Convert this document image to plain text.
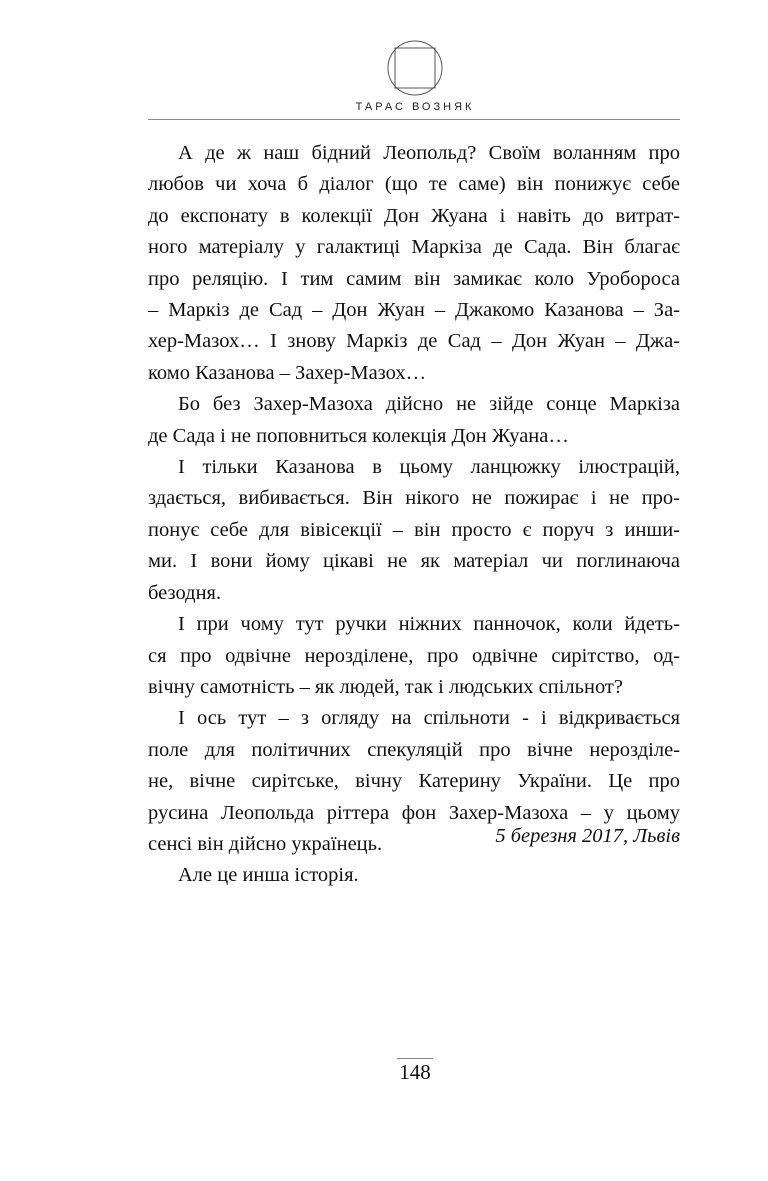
ТАРАС ВОЗНЯК

А де ж наш бідний Леопольд? Своїм воланням про
любов чи хоча б діалог (що те саме) він понижує себе
до експонату в колекції Дон Жуана і навіть до витрат-
ного матеріалу у галактиці Маркіза де Сада. Він благає
про реляцію. І тим самим він замикає коло Уробороса
– Маркіз де Сад – Дон Жуан – Джакомо Казанова – За-
хер-Мазох… І знову Маркіз де Сад – Дон Жуан – Джа-
комо Казанова – Захер-Мазох…

Бо без Захер-Мазоха дійсно не зійде сонце Маркіза
де Сада і не поповниться колекція Дон Жуана…

І тільки Казанова в цьому ланцюжку ілюстрацій,
здається, вибивається. Він нікого не пожирає і не про-
понує себе для вівісекції – він просто є поруч з инши-
ми. І вони йому цікаві не як матеріал чи поглинаюча
безодня.

І при чому тут ручки ніжних панночок, коли йдеть-
ся про одвічне нерозділене, про одвічне сирітство, од-
вічну самотність – як людей, так і людських спільнот?

І ось тут – з огляду на спільноти - і відкривається
поле для політичних спекуляцій про вічне нерозділе-
не, вічне сирітське, вічну Катерину України. Це про
русина Леопольда ріттера фон Захер-Мазоха – у цьому
сенсі він дійсно українець.

Але це инша історія.

5 березня 2017, Львів
148
